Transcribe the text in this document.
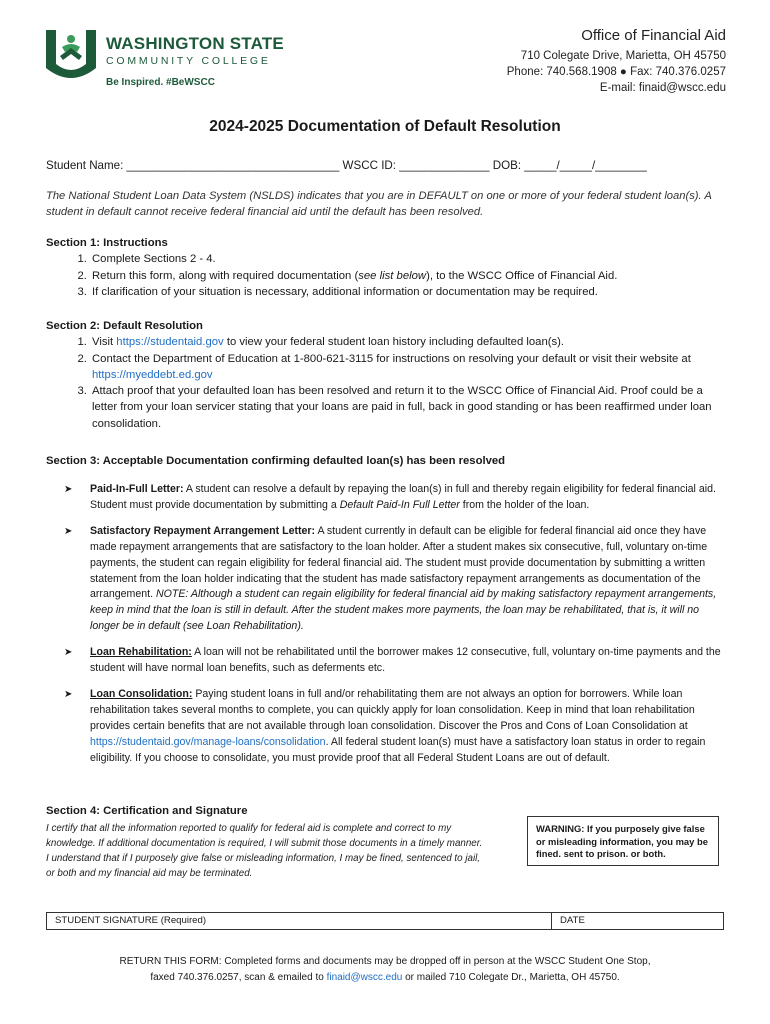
WASHINGTON STATE
COMMUNITY COLLEGE
Be Inspired. #BeWSCC
Office of Financial Aid
710 Colegate Drive, Marietta, OH 45750
Phone: 740.568.1908 ● Fax: 740.376.0257
E-mail: finaid@wscc.edu
2024-2025 Documentation of Default Resolution
Student Name: _________________________________ WSCC ID: ______________ DOB: _____/_____/________
The National Student Loan Data System (NSLDS) indicates that you are in DEFAULT on one or more of your federal student loan(s). A student in default cannot receive federal financial aid until the default has been resolved.
Section 1: Instructions
1. Complete Sections 2 - 4.
2. Return this form, along with required documentation (see list below), to the WSCC Office of Financial Aid.
3. If clarification of your situation is necessary, additional information or documentation may be required.
Section 2: Default Resolution
1. Visit https://studentaid.gov to view your federal student loan history including defaulted loan(s).
2. Contact the Department of Education at 1-800-621-3115 for instructions on resolving your default or visit their website at https://myeddebt.ed.gov
3. Attach proof that your defaulted loan has been resolved and return it to the WSCC Office of Financial Aid. Proof could be a letter from your loan servicer stating that your loans are paid in full, back in good standing or has been reaffirmed under loan consolidation.
Section 3: Acceptable Documentation confirming defaulted loan(s) has been resolved
➤ Paid-In-Full Letter: A student can resolve a default by repaying the loan(s) in full and thereby regain eligibility for federal financial aid. Student must provide documentation by submitting a Default Paid-In Full Letter from the holder of the loan.
➤ Satisfactory Repayment Arrangement Letter: A student currently in default can be eligible for federal financial aid once they have made repayment arrangements that are satisfactory to the loan holder. After a student makes six consecutive, full, voluntary on-time payments, the student can regain eligibility for federal financial aid. The student must provide documentation by submitting a written statement from the loan holder indicating that the student has made satisfactory repayment arrangements as documentation of the arrangement. NOTE: Although a student can regain eligibility for federal financial aid by making satisfactory repayment arrangements, keep in mind that the loan is still in default. After the student makes more payments, the loan may be rehabilitated, that is, it will no longer be in default (see Loan Rehabilitation).
➤ Loan Rehabilitation: A loan will not be rehabilitated until the borrower makes 12 consecutive, full, voluntary on-time payments and the student will have normal loan benefits, such as deferments etc.
➤ Loan Consolidation: Paying student loans in full and/or rehabilitating them are not always an option for borrowers. While loan rehabilitation takes several months to complete, you can quickly apply for loan consolidation. Keep in mind that loan rehabilitation provides certain benefits that are not available through loan consolidation. Discover the Pros and Cons of Loan Consolidation at https://studentaid.gov/manage-loans/consolidation. All federal student loan(s) must have a satisfactory loan status in order to regain eligibility. If you choose to consolidate, you must provide proof that all Federal Student Loans are out of default.
Section 4: Certification and Signature
I certify that all the information reported to qualify for federal aid is complete and correct to my knowledge. If additional documentation is required, I will submit those documents in a timely manner. I understand that if I purposely give false or misleading information, I may be fined, sentenced to jail, or both and my financial aid may be terminated.
WARNING: If you purposely give false or misleading information, you may be fined. sent to prison. or both.
STUDENT SIGNATURE (Required)	DATE
RETURN THIS FORM: Completed forms and documents may be dropped off in person at the WSCC Student One Stop,
faxed 740.376.0257, scan & emailed to finaid@wscc.edu or mailed 710 Colegate Dr., Marietta, OH 45750.
